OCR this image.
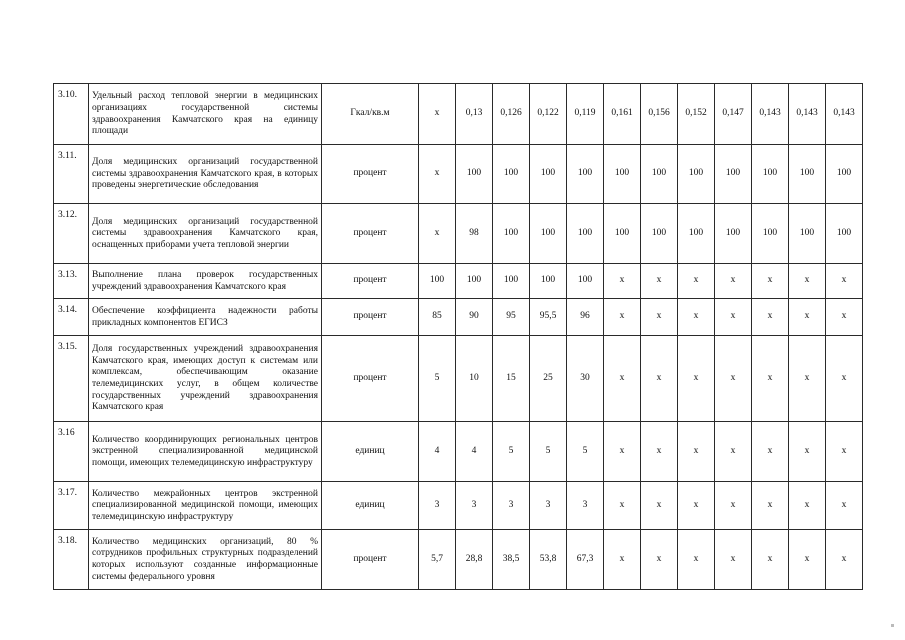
3.10.	Удельный расход тепловой энергии в медицинских организациях государственной системы здравоохранения Камчатского края на единицу площади	Гкал/кв.м	х	0,13	0,126	0,122	0,119	0,161	0,156	0,152	0,147	0,143	0,143	0,143
3.11.	Доля медицинских организаций государственной системы здравоохранения Камчатского края, в которых проведены энергетические обследования	процент	х	100	100	100	100	100	100	100	100	100	100	100
3.12.	Доля медицинских организаций государственной системы здравоохранения Камчатского края, оснащенных приборами учета тепловой энергии	процент	х	98	100	100	100	100	100	100	100	100	100	100
3.13.	Выполнение плана проверок государственных учреждений здравоохранения Камчатского края	процент	100	100	100	100	100	х	х	х	х	х	х	х
3.14.	Обеспечение коэффициента надежности работы прикладных компонентов ЕГИСЗ	процент	85	90	95	95,5	96	х	х	х	х	х	х	х
3.15.	Доля государственных учреждений здравоохранения Камчатского края, имеющих доступ к системам или комплексам, обеспечивающим оказание телемедицинских услуг, в общем количестве государственных учреждений здравоохранения Камчатского края	процент	5	10	15	25	30	х	х	х	х	х	х	х
3.16	Количество координирующих региональных центров экстренной специализированной медицинской помощи, имеющих телемедицинскую инфраструктуру	единиц	4	4	5	5	5	х	х	х	х	х	х	х
3.17.	Количество межрайонных центров экстренной специализированной медицинской помощи, имеющих телемедицинскую инфраструктуру	единиц	3	3	3	3	3	х	х	х	х	х	х	х
3.18.	Количество медицинских организаций, 80 % сотрудников профильных структурных подразделений которых используют созданные информационные системы федерального уровня	процент	5,7	28,8	38,5	53,8	67,3	х	х	х	х	х	х	х
